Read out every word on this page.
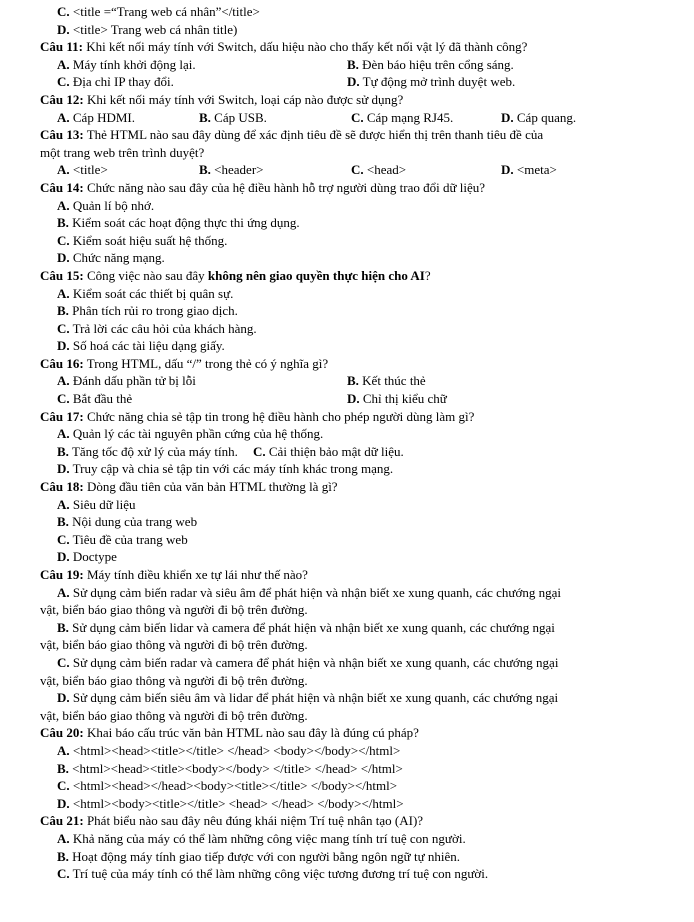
C. <title =“Trang web cá nhân”</title>
D. <title> Trang web cá nhân title)
Câu 11: Khi kết nối máy tính với Switch, dấu hiệu nào cho thấy kết nối vật lý đã thành công?
A. Máy tính khởi động lại.	B. Đèn báo hiệu trên cổng sáng.
C. Địa chỉ IP thay đổi.	D. Tự động mở trình duyệt web.
Câu 12: Khi kết nối máy tính với Switch, loại cáp nào được sử dụng?
A. Cáp HDMI.	B. Cáp USB.	C. Cáp mạng RJ45.	D. Cáp quang.
Câu 13: Thẻ HTML nào sau đây dùng để xác định tiêu đề sẽ được hiển thị trên thanh tiêu đề của
một trang web trên trình duyệt?
A. <title>	B. <header>	C. <head>	D. <meta>
Câu 14: Chức năng nào sau đây của hệ điều hành hỗ trợ người dùng trao đổi dữ liệu?
A. Quản lí bộ nhớ.
B. Kiểm soát các hoạt động thực thi ứng dụng.
C. Kiểm soát hiệu suất hệ thống.
D. Chức năng mạng.
Câu 15: Công việc nào sau đây không nên giao quyền thực hiện cho AI?
A. Kiểm soát các thiết bị quân sự.
B. Phân tích rủi ro trong giao dịch.
C. Trả lời các câu hỏi của khách hàng.
D. Số hoá các tài liệu dạng giấy.
Câu 16: Trong HTML, dấu “/” trong thẻ có ý nghĩa gì?
A. Đánh dấu phần tử bị lỗi	B. Kết thúc thẻ
C. Bắt đầu thẻ	D. Chỉ thị kiểu chữ
Câu 17: Chức năng chia sẻ tập tin trong hệ điều hành cho phép người dùng làm gì?
A. Quản lý các tài nguyên phần cứng của hệ thống.
B. Tăng tốc độ xử lý của máy tính.	C. Cải thiện bảo mật dữ liệu.
D. Truy cập và chia sẻ tập tin với các máy tính khác trong mạng.
Câu 18: Dòng đầu tiên của văn bản HTML thường là gì?
A. Siêu dữ liệu
B. Nội dung của trang web
C. Tiêu đề của trang web
D. Doctype
Câu 19: Máy tính điều khiển xe tự lái như thế nào?
A. Sử dụng cảm biến radar và siêu âm để phát hiện và nhận biết xe xung quanh, các chướng ngại
vật, biển báo giao thông và người đi bộ trên đường.
B. Sử dụng cảm biến lidar và camera để phát hiện và nhận biết xe xung quanh, các chướng ngại
vật, biển báo giao thông và người đi bộ trên đường.
C. Sử dụng cảm biến radar và camera để phát hiện và nhận biết xe xung quanh, các chướng ngại
vật, biển báo giao thông và người đi bộ trên đường.
D. Sử dụng cảm biến siêu âm và lidar để phát hiện và nhận biết xe xung quanh, các chướng ngại
vật, biển báo giao thông và người đi bộ trên đường.
Câu 20: Khai báo cấu trúc văn bản HTML nào sau đây là đúng cú pháp?
A. <html><head><title></title> </head> <body></body></html>
B. <html><head><title><body></body> </title> </head> </html>
C. <html><head></head><body><title></title> </body></html>
D. <html><body><title></title> <head> </head> </body></html>
Câu 21: Phát biểu nào sau đây nêu đúng khái niệm Trí tuệ nhân tạo (AI)?
A. Khả năng của máy có thể làm những công việc mang tính trí tuệ con người.
B. Hoạt động máy tính giao tiếp được với con người bằng ngôn ngữ tự nhiên.
C. Trí tuệ của máy tính có thể làm những công việc tương đương trí tuệ con người.
